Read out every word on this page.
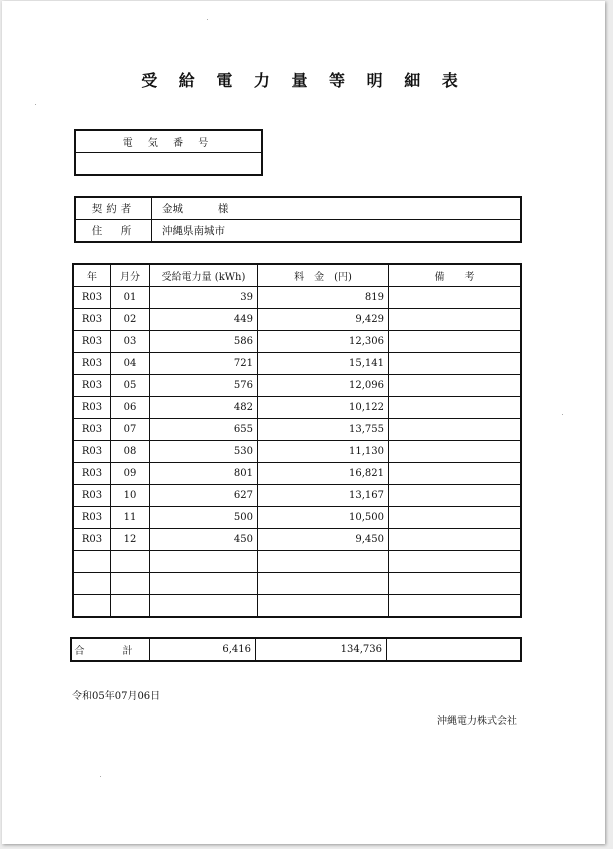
受 給 電 力 量 等 明 細 表
電 気 番 号

契約者	金城　　　 様
住　所	沖縄県南城市
年	月分	受給電力量 (kWh)	料　金　(円)	備　　考
R03	01	39	819	
R03	02	449	9,429	
R03	03	586	12,306	
R03	04	721	15,141	
R03	05	576	12,096	
R03	06	482	10,122	
R03	07	655	13,755	
R03	08	530	11,130	
R03	09	801	16,821	
R03	10	627	13,167	
R03	11	500	10,500	
R03	12	450	9,450	

合　計	6,416	134,736	
令和05年07月06日
沖縄電力株式会社
